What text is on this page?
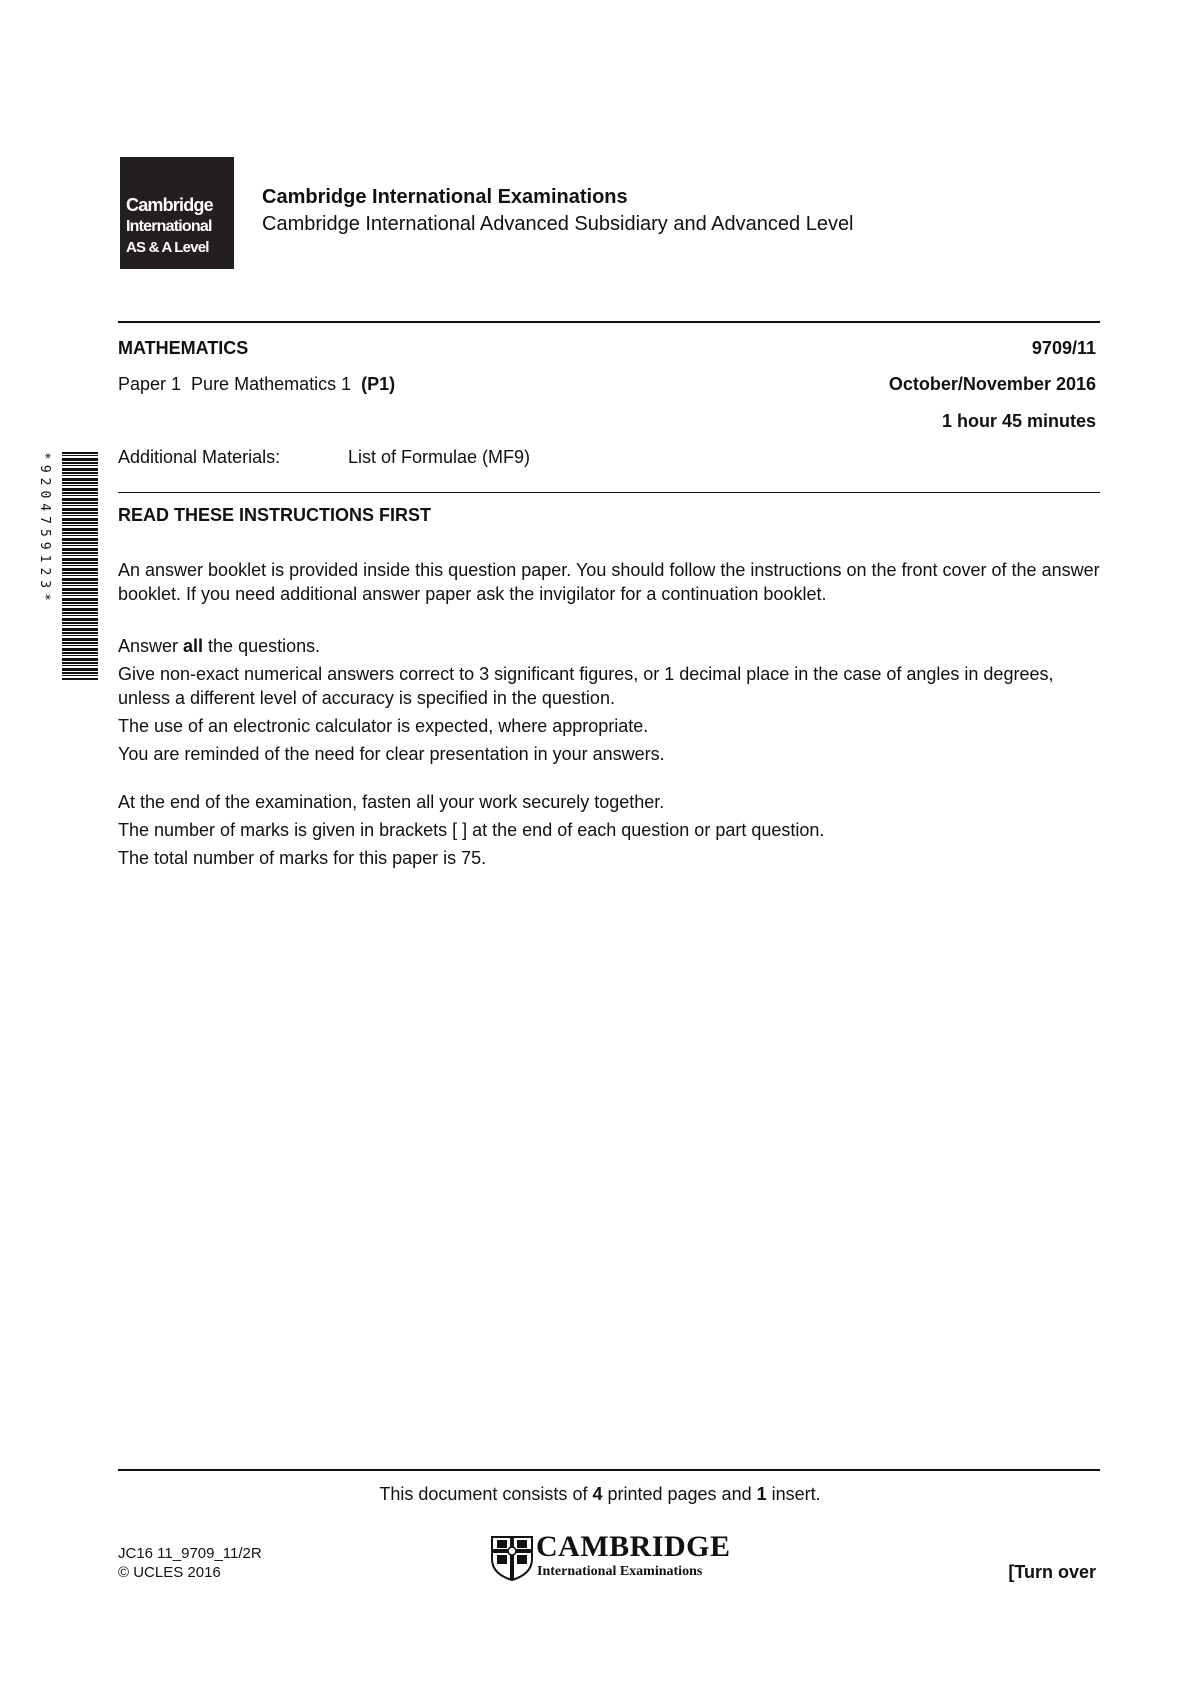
Cambridge
International
AS & A Level
Cambridge International Examinations
Cambridge International Advanced Subsidiary and Advanced Level
MATHEMATICS	9709/11
Paper 1  Pure Mathematics 1  (P1)	October/November 2016
1 hour 45 minutes
Additional Materials:	List of Formulae (MF9)
*9204759123*	READ THESE INSTRUCTIONS FIRST

An answer booklet is provided inside this question paper. You should follow the instructions on the front cover of the answer booklet. If you need additional answer paper ask the invigilator for a continuation booklet.

Answer all the questions.

Give non-exact numerical answers correct to 3 significant figures, or 1 decimal place in the case of angles in degrees, unless a different level of accuracy is specified in the question.

The use of an electronic calculator is expected, where appropriate.

You are reminded of the need for clear presentation in your answers.

At the end of the examination, fasten all your work securely together.

The number of marks is given in brackets [ ] at the end of each question or part question.

The total number of marks for this paper is 75.

This document consists of 4 printed pages and 1 insert.
JC16 11_9709_11/2R
© UCLES 2016
CAMBRIDGE
International Examinations	[Turn over
